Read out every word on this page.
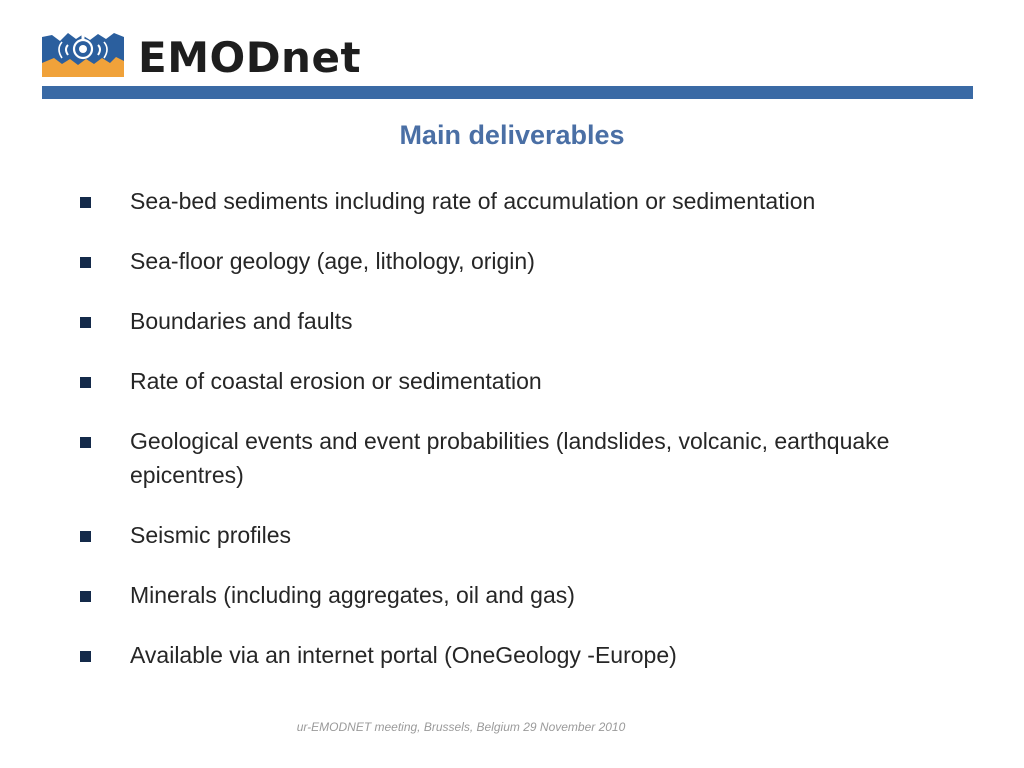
EMODnet

Main deliverables
Sea-bed sediments including rate of accumulation or sedimentation
Sea-floor geology (age, lithology, origin)
Boundaries and faults
Rate of coastal erosion or sedimentation
Geological events and event probabilities (landslides, volcanic, earthquake epicentres)
Seismic profiles
Minerals (including aggregates, oil and gas)
Available via an internet portal (OneGeology -Europe)

ur-EMODNET meeting, Brussels, Belgium 29 November 2010
